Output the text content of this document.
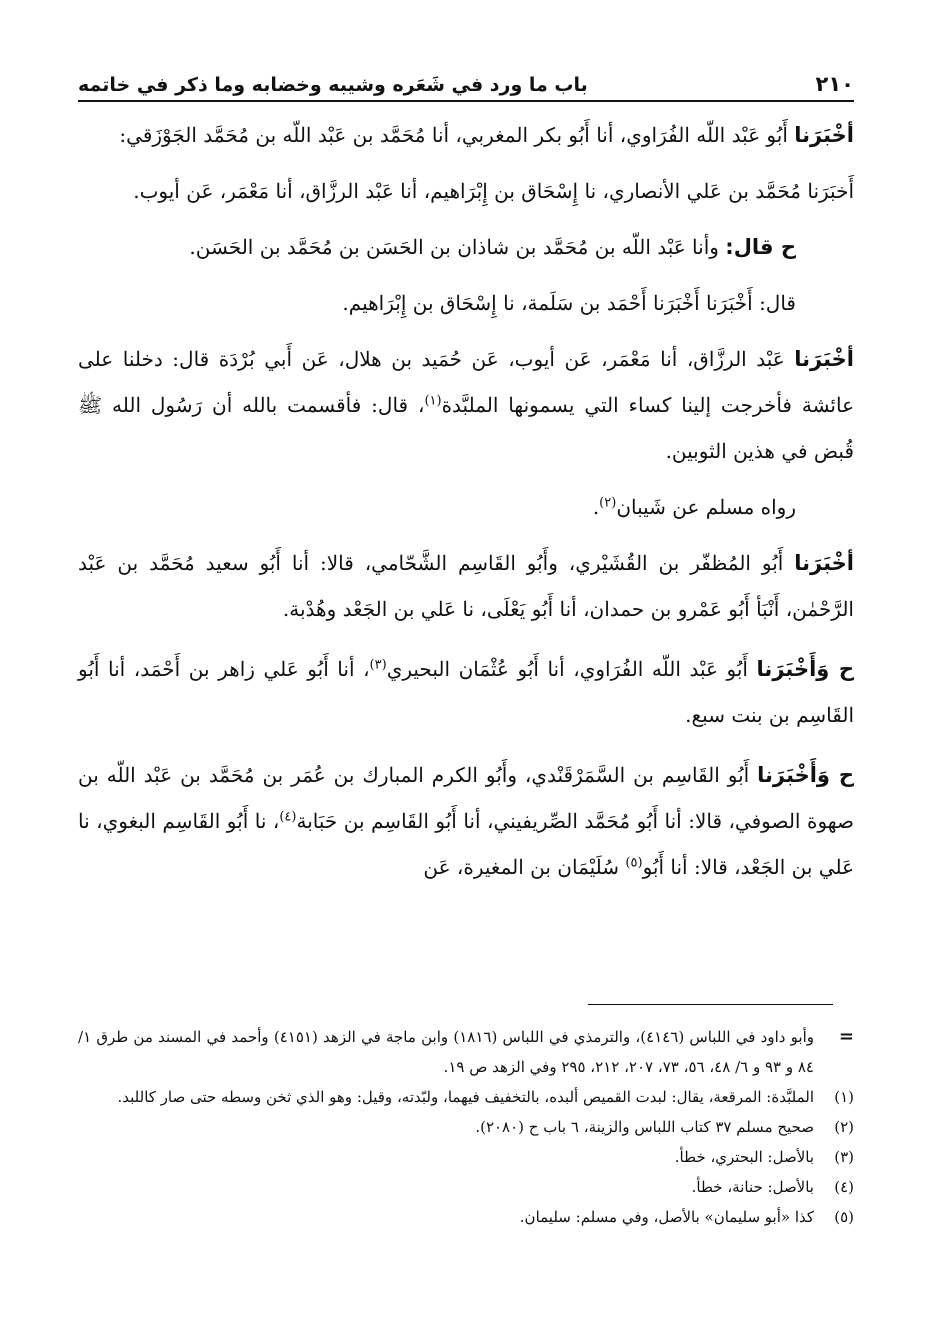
٢١٠
باب ما ورد في شَعَره وشيبه وخضابه وما ذكر في خاتمه

أخْبَرَنا أَبُو عَبْد اللّه الفُرَاوي، أنا أَبُو بكر المغربي، أنا مُحَمَّد بن عَبْد اللّه بن مُحَمَّد الجَوْزَقي:

أَخبَرَنا مُحَمَّد بن عَلي الأنصاري، نا إِسْحَاق بن إِبْرَاهيم، أنا عَبْد الرزَّاق، أنا مَعْمَر، عَن أيوب.

ح قال: وأنا عَبْد اللّه بن مُحَمَّد بن شاذان بن الحَسَن بن مُحَمَّد بن الحَسَن.

قال: أَخْبَرَنا أَخْبَرَنا أَحْمَد بن سَلَمة، نا إِسْحَاق بن إِبْرَاهيم.

أخْبَرَنا عَبْد الرزَّاق، أنا مَعْمَر، عَن أيوب، عَن حُمَيد بن هلال، عَن أَبي بُرْدَة قال: دخلنا على عائشة فأخرجت إلينا كساء التي يسمونها الملبَّدة$^{(١)}$، قال: فأقسمت بالله أن رَسُول الله ﷺ قُبض في هذين الثوبين.

رواه مسلم عن شَيبان$^{(٢)}$.

أخْبَرَنا أَبُو المُظفّر بن القُشَيْري، وأَبُو القَاسِم الشَّحّامي، قالا: أنا أَبُو سعيد مُحَمَّد بن عَبْد الرَّحْمٰن، أَنْبَأ أَبُو عَمْرو بن حمدان، أنا أَبُو يَعْلَى، نا عَلي بن الجَعْد وهُدْبة.

ح وَأَخْبَرَنا أَبُو عَبْد اللّه الفُرَاوي، أنا أَبُو عُثْمَان البحيري$^{(٣)}$، أنا أَبُو عَلي زاهر بن أَحْمَد، أنا أَبُو القَاسِم بن بنت سبع.

ح وَأَخْبَرَنا أَبُو القَاسِم بن السَّمَرْقَنْدي، وأَبُو الكرم المبارك بن عُمَر بن مُحَمَّد بن عَبْد اللّه بن صهوة الصوفي، قالا: أنا أَبُو مُحَمَّد الصِّريفيني، أنا أَبُو القَاسِم بن حَبَابة$^{(٤)}$، نا أَبُو القَاسِم البغوي، نا عَلي بن الجَعْد، قالا: أنا أَبُو$^{(٥)}$ سُلَيْمَان بن المغيرة، عَن

=
وأبو داود في اللباس (٤١٤٦)، والترمذي في اللباس (١٨١٦) وابن ماجة في الزهد (٤١٥١) وأحمد في المسند من طرق ١/ ٨٤ و ٩٣ و ٦/ ٤٨، ٥٦، ٧٣، ٢٠٧، ٢١٢، ٢٩٥ وفي الزهد ص ١٩.
(١)
الملبَّدة: المرقعة، يقال: لبدت القميص ألبده، بالتخفيف فيهما، ولبّدته، وقيل: وهو الذي ثخن وسطه حتى صار كاللبد.
(٢)
صحيح مسلم ٣٧ كتاب اللباس والزينة، ٦ باب ح (٢٠٨٠).
(٣)
بالأصل: البحتري، خطأ.
(٤)
بالأصل: حنانة، خطأ.
(٥)
كذا «أبو سليمان» بالأصل، وفي مسلم: سليمان.
